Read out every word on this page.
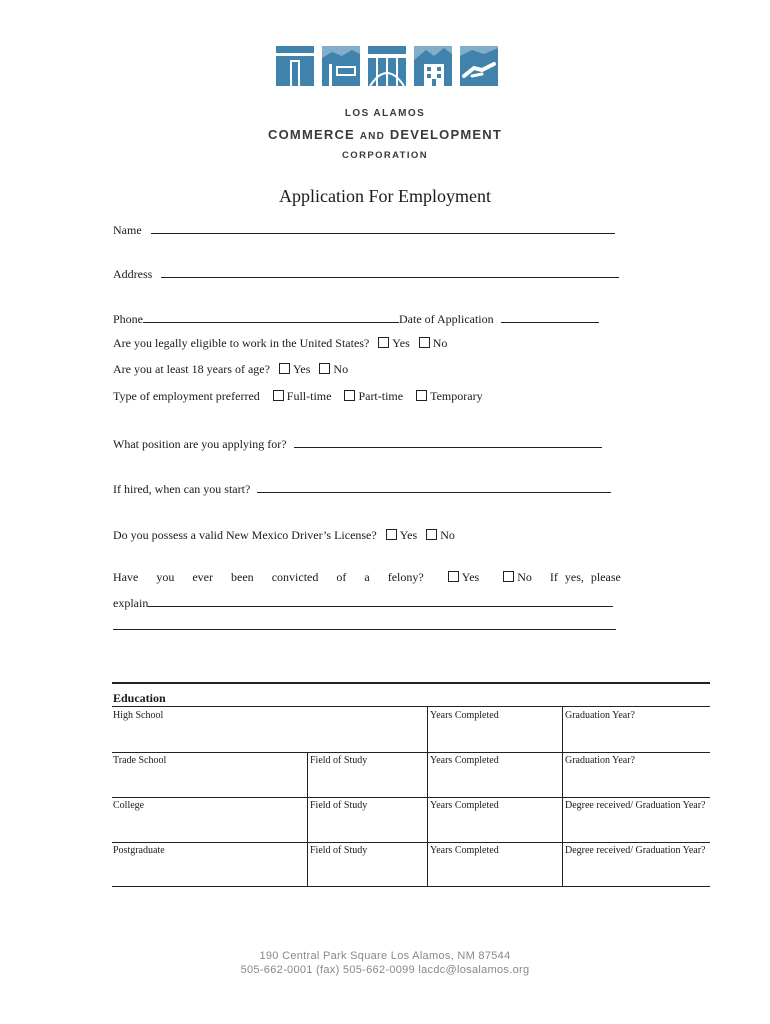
LOS ALAMOS
COMMERCE AND DEVELOPMENT
CORPORATION
Application For Employment
Name
Address
Phone	Date of Application
Are you legally eligible to work in the United States? Yes No
Are you at least 18 years of age? Yes No
Type of employment preferred Full-time Part-time Temporary
What position are you applying for?
If hired, when can you start?
Do you possess a valid New Mexico Driver’s License? Yes No
Have you ever been convicted of a felony?	Yes	No If yes, please
explain
Education
High School	Years Completed	Graduation Year?
Trade School	Field of Study	Years Completed	Graduation Year?
College	Field of Study	Years Completed	Degree received/ Graduation Year?
Postgraduate	Field of Study	Years Completed	Degree received/ Graduation Year?
190 Central Park Square Los Alamos, NM 87544
505-662-0001 (fax) 505-662-0099 lacdc@losalamos.org
